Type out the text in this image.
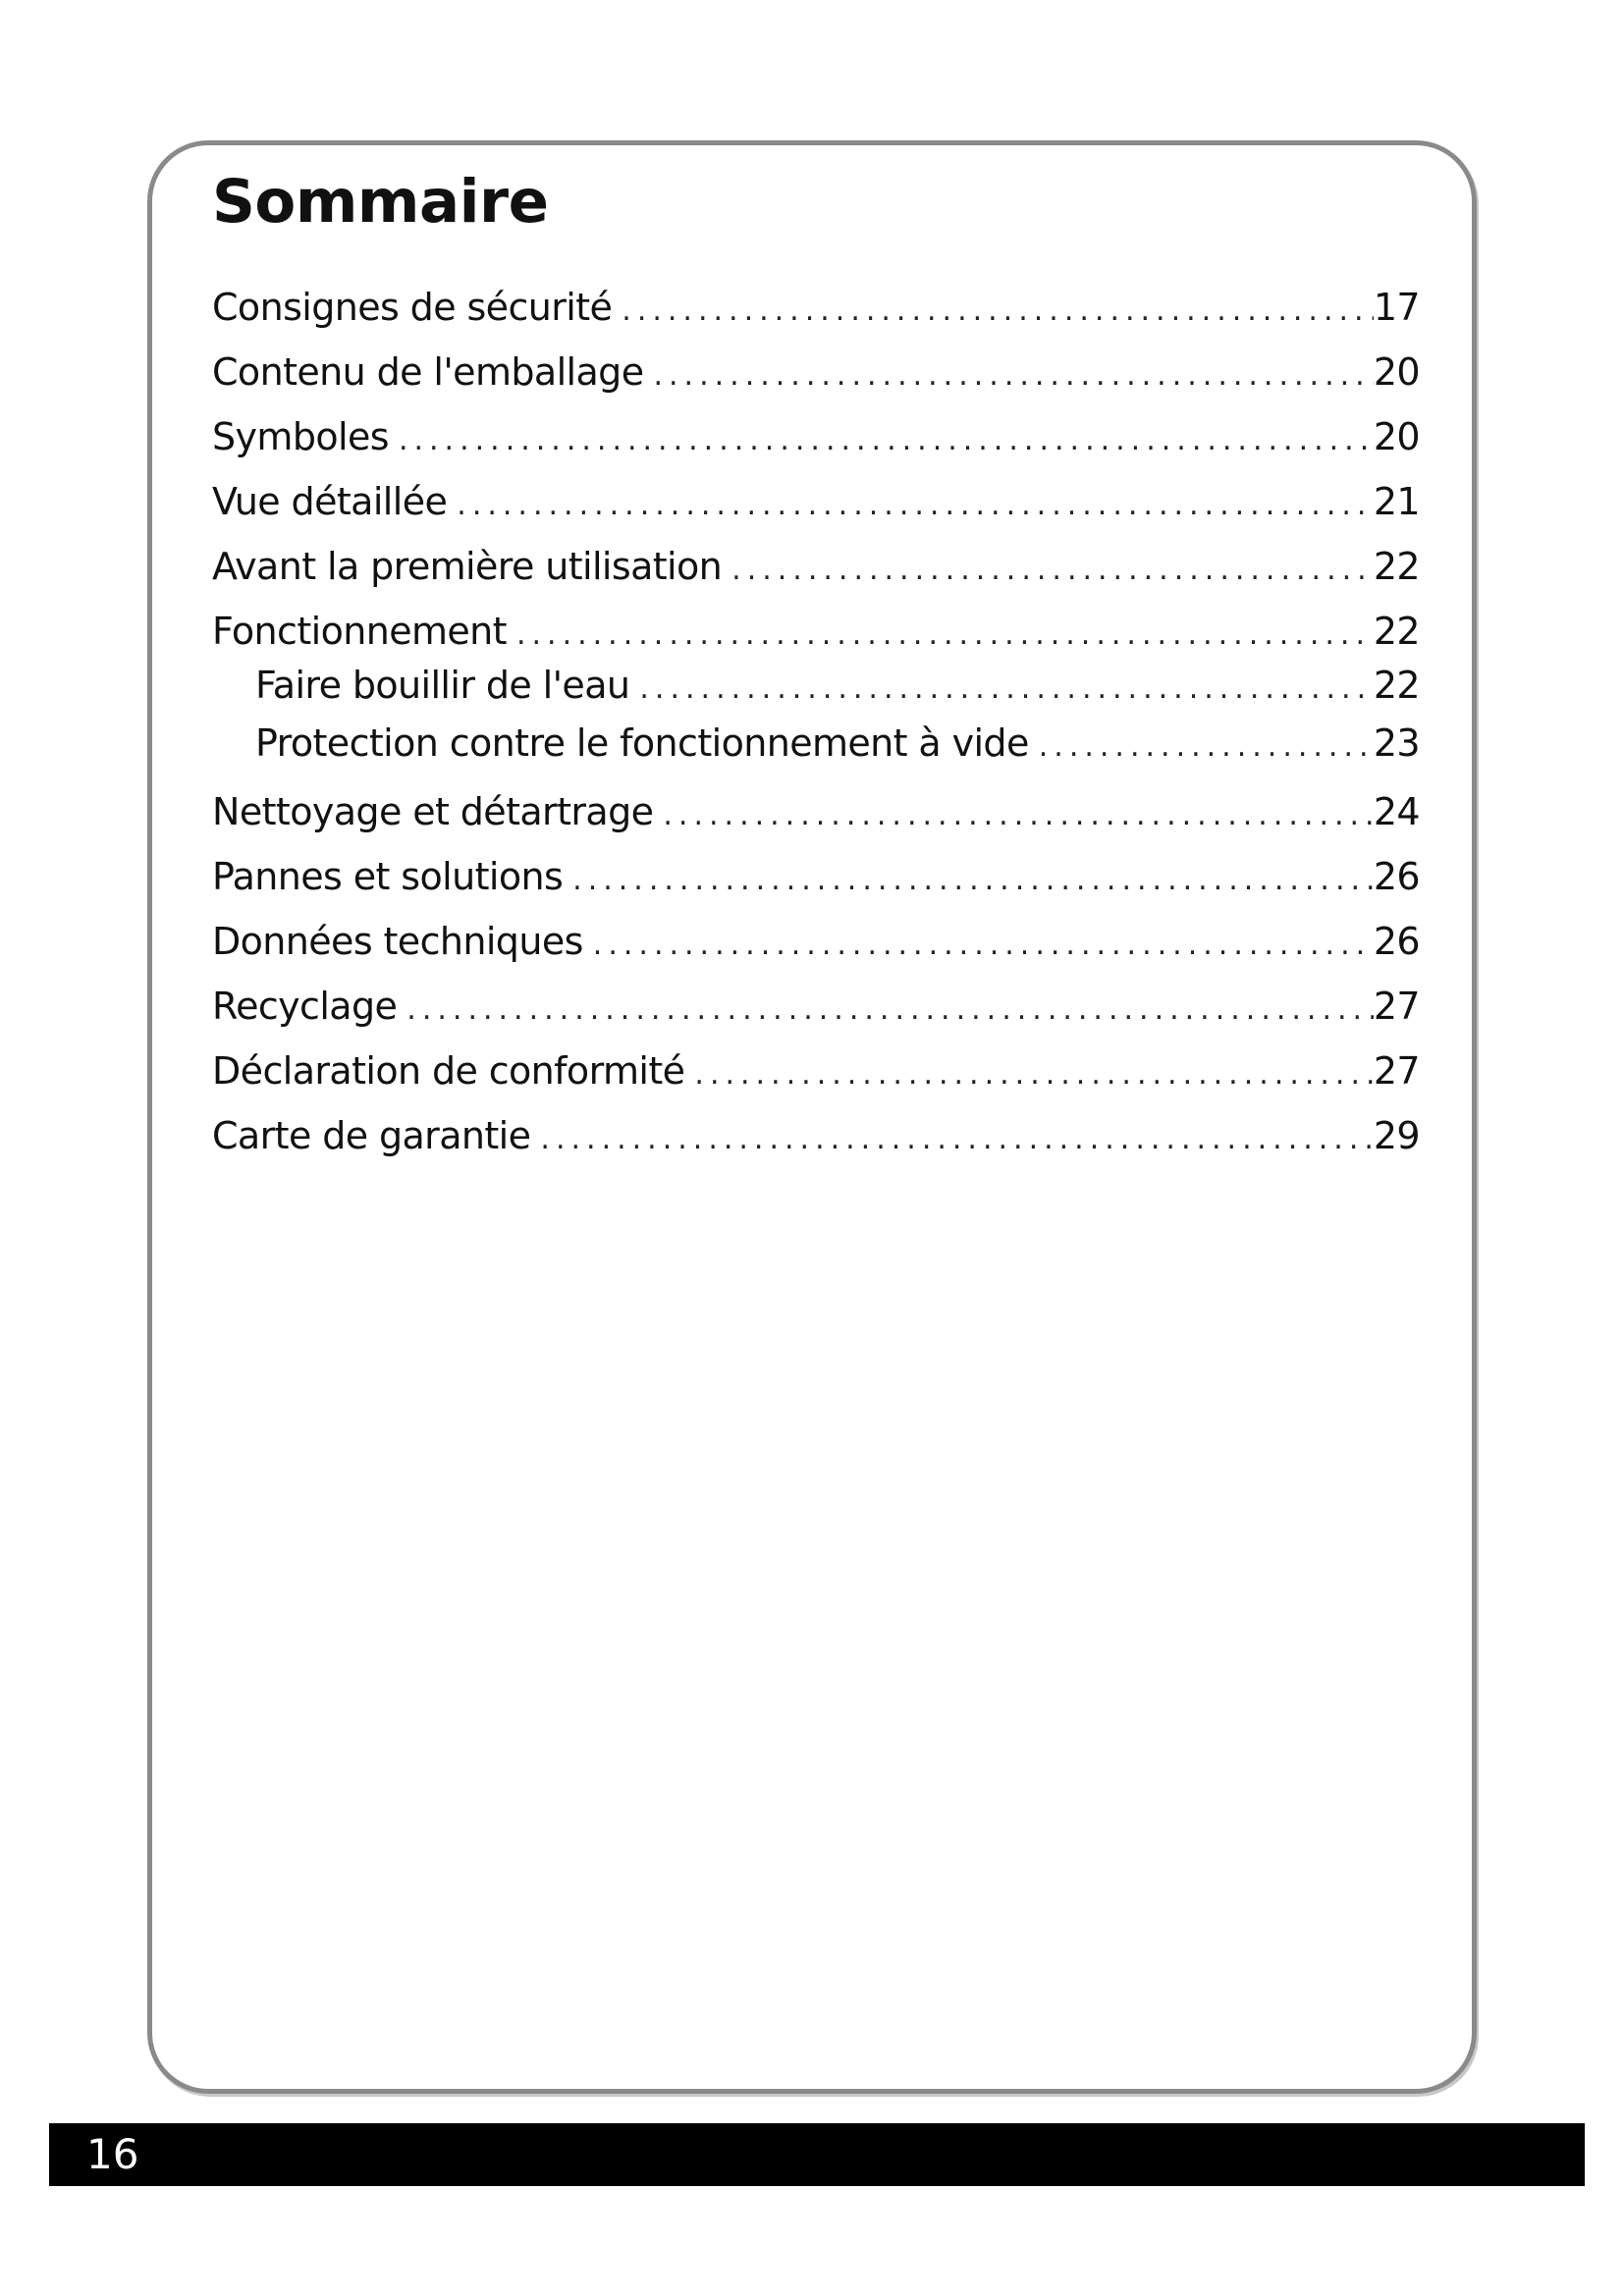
Sommaire
Consignes de sécurité .....	17
Contenu de l'emballage .....	20
Symboles .....	20
Vue détaillée .....	21
Avant la première utilisation .....	22
Fonctionnement .....	22
Faire bouillir de l'eau .....	22
Protection contre le fonctionnement à vide .....	23
Nettoyage et détartrage .....	24
Pannes et solutions .....	26
Données techniques .....	26
Recyclage .....	27
Déclaration de conformité .....	27
Carte de garantie .....	29
16
